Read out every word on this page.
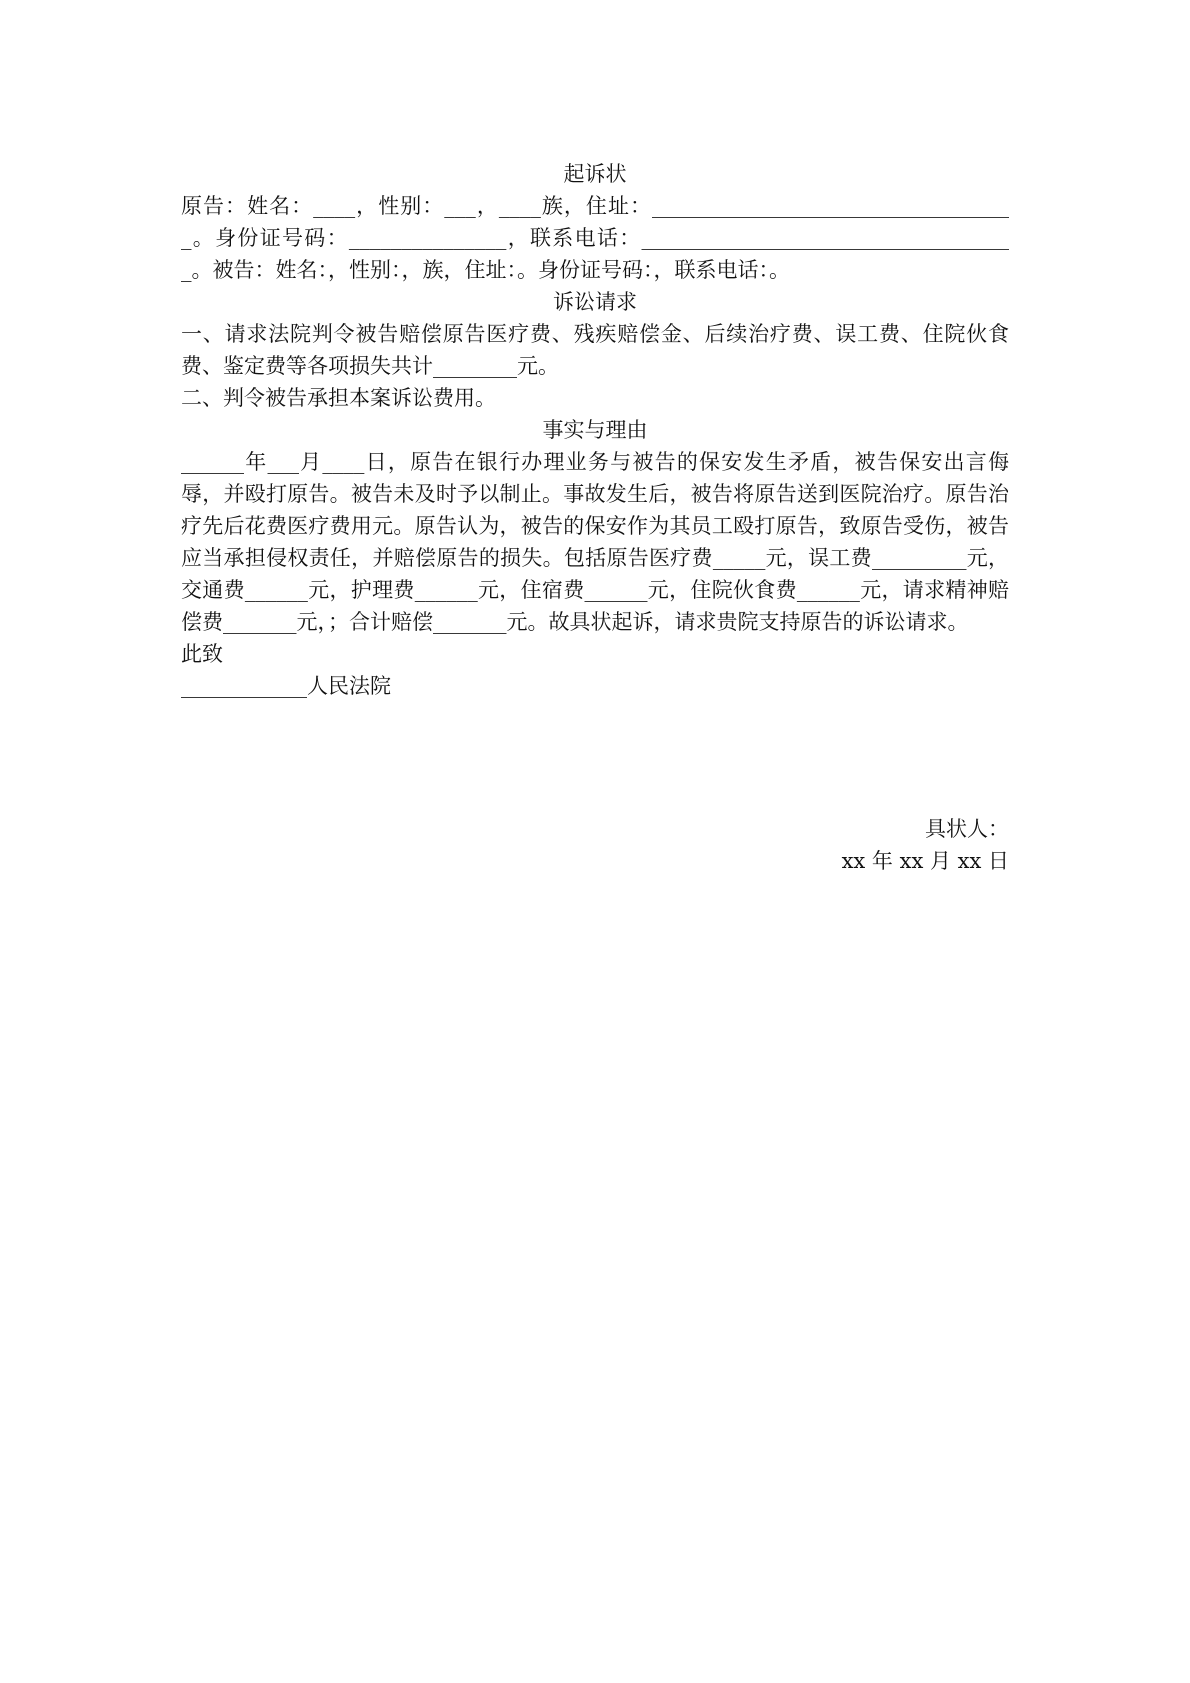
起诉状

原告：姓名：____，性别：___，____族，住址：___________________________________。身份证号码：_______________，联系电话：____________________________________。被告：姓名：，性别：，族，住址：。身份证号码：，联系电话：。

诉讼请求

一、请求法院判令被告赔偿原告医疗费、残疾赔偿金、后续治疗费、误工费、住院伙食费、鉴定费等各项损失共计________元。

二、判令被告承担本案诉讼费用。

事实与理由

______年___月____日，原告在银行办理业务与被告的保安发生矛盾，被告保安出言侮辱，并殴打原告。被告未及时予以制止。事故发生后，被告将原告送到医院治疗。原告治疗先后花费医疗费用元。原告认为，被告的保安作为其员工殴打原告，致原告受伤，被告应当承担侵权责任，并赔偿原告的损失。包括原告医疗费_____元，误工费_________元，交通费______元，护理费______元，住宿费______元，住院伙食费______元，请求精神赔偿费_______元，；合计赔偿_______元。故具状起诉，请求贵院支持原告的诉讼请求。

此致

____________人民法院

具状人：

xx 年 xx 月 xx 日
